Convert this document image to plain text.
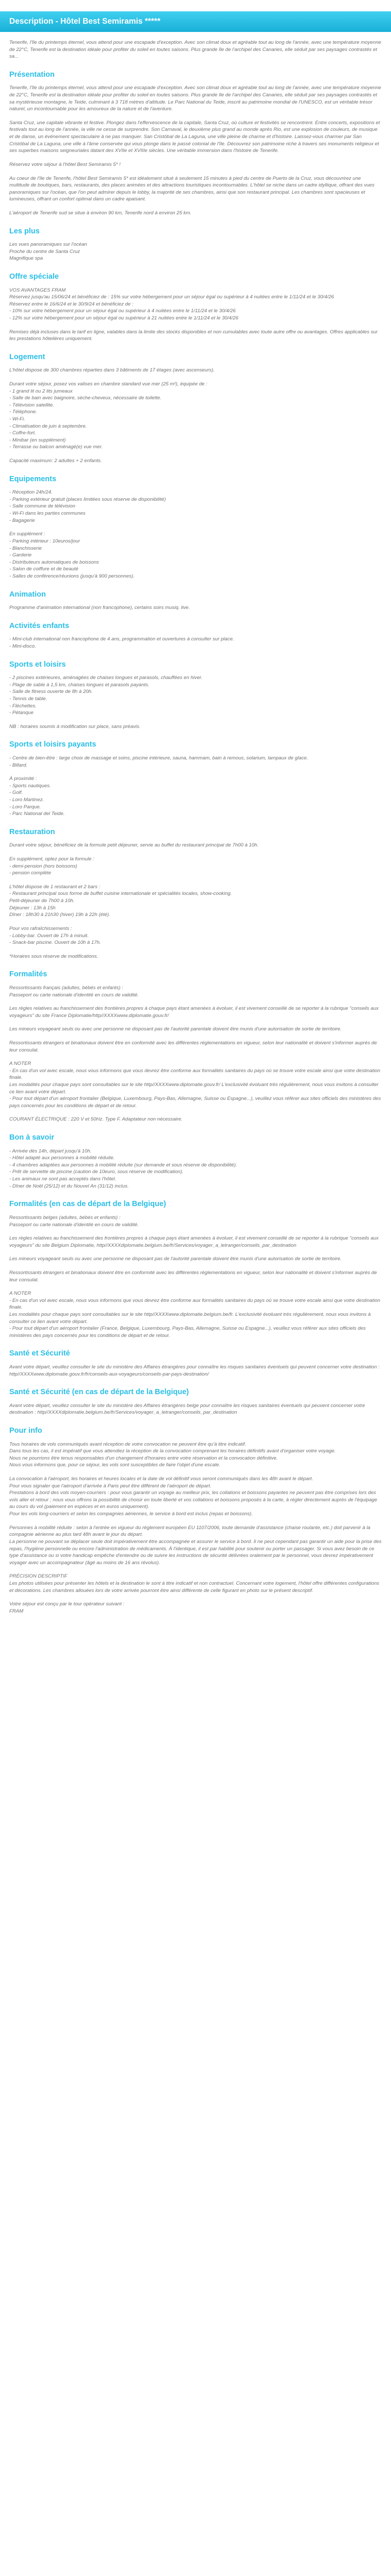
Description - Hôtel Best Semiramis *****

Tenerife, l'île du printemps éternel, vous attend pour une escapade d'exception. Avec son climat doux et agréable tout au long de l'année, avec une température moyenne de 22°C, Tenerife est la destination idéale pour profiter du soleil en toutes saisons. Plus grande île de l'archipel des Canaries, elle séduit par ses paysages contrastés et sa...

Présentation

Tenerife, l'île du printemps éternel, vous attend pour une escapade d'exception. Avec son climat doux et agréable tout au long de l'année, avec une température moyenne de 22°C, Tenerife est la destination idéale pour profiter du soleil en toutes saisons. Plus grande île de l'archipel des Canaries, elle séduit par ses paysages contrastés et sa mystérieuse montagne, le Teide, culminant à 3 718 mètres d'altitude. Le Parc National du Teide, inscrit au patrimoine mondial de l'UNESCO, est un véritable trésor naturel, un incontournable pour les amoureux de la nature et de l'aventure.

Santa Cruz, une capitale vibrante et festive. Plongez dans l'effervescence de la capitale, Santa Cruz, où culture et festivités se rencontrent. Entre concerts, expositions et festivals tout au long de l'année, la ville ne cesse de surprendre. Son Carnaval, le deuxième plus grand au monde après Rio, est une explosion de couleurs, de musique et de danse, un événement spectaculaire à ne pas manquer. San Cristóbal de La Laguna, une ville pleine de charme et d'histoire. Laissez-vous charmer par San Cristóbal de La Laguna, une ville à l'âme conservée qui vous plonge dans le passé colonial de l'île. Découvrez son patrimoine riche à travers ses monuments religieux et ses superbes maisons seigneuriales datant des XVIIe et XVIIIe siècles. Une véritable immersion dans l'histoire de Tenerife.

Réservez votre séjour à l'hôtel Best Semiramis 5* !

Au coeur de l'île de Tenerife, l'hôtel Best Semiramis 5* est idéalement situé à seulement 15 minutes à pied du centre de Puerto de la Cruz, vous découvrirez une multitude de boutiques, bars, restaurants, des places animées et des attractions touristiques incontournables. L'hôtel se niche dans un cadre idyllique, offrant des vues panoramiques sur l'océan, que l'on peut admirer depuis le lobby, la majorité de ses chambres, ainsi que son restaurant principal. Les chambres sont spacieuses et lumineuses, offrant un confort optimal dans un cadre apaisant.

L'aéroport de Tenerife sud se situe à environ 90 km, Tenerife nord à environ 25 km.

Les plus
Les vues panoramiques sur l'océan
Proche du centre de Santa Cruz
Magnifique spa
Offre spéciale
VOS AVANTAGES FRAM
Réservez jusqu'au 15/06/24 et bénéficiez de : 15% sur votre hébergement pour un séjour égal ou supérieur à 4 nuitées entre le 1/11/24 et le 30/4/26
Réservez entre le 16/6/24 et le 30/9/24 et bénéficiez de :
- 10% sur votre hébergement pour un séjour égal ou supérieur à 4 nuitées entre le 1/11/24 et le 30/4/26
- 12% sur votre hébergement pour un séjour égal ou supérieur à 21 nuitées entre le 1/11/24 et le 30/4/26
Remises déjà incluses dans le tarif en ligne, valables dans la limite des stocks disponibles et non cumulables avec toute autre offre ou avantages. Offres applicables sur les prestations hôtelières uniquement.
Logement
L'hôtel dispose de 300 chambres réparties dans 3 bâtiments de 17 étages (avec ascenseurs).
Durant votre séjour, posez vos valises en chambre standard vue mer (25 m²), équipée de :
- 1 grand lit ou 2 lits jumeaux
- Salle de bain avec baignoire, sèche-cheveux, nécessaire de toilette.
- Télévision satellite.
- Téléphone.
- Wi-Fi.
- Climatisation de juin à septembre.
- Coffre-fort.
- Minibar (en supplément)
- Terrasse ou balcon aménagé(e) vue mer.
Capacité maximum: 2 adultes + 2 enfants.
Equipements
- Réception 24h/24.
- Parking extérieur gratuit (places limitées sous réserve de disponibilité)
- Salle commune de télévision
- Wi-Fi dans les parties communes
- Bagagerie
En supplément :
- Parking intérieur : 10euros/jour
- Blanchisserie
- Garderie
- Distributeurs automatiques de boissons
- Salon de coiffure et de beauté
- Salles de conférence/réunions (jusqu'à 900 personnes).
Animation
Programme d'animation international (non francophone), certains soirs musiq. live.
Activités enfants
- Mini-club international non francophone de 4 ans, programmation et ouvertures à consulter sur place.
- Mini-disco.
Sports et loisirs
- 2 piscines extérieures, aménagées de chaises longues et parasols, chauffées en hiver.
- Plage de sable à 1,5 km, chaises longues et parasols payants.
- Salle de fitness ouverte de 8h à 20h.
- Tennis de table.
- Fléchettes.
- Pétanque
NB : horaires soumis à modification sur place, sans préavis.
Sports et loisirs payants
- Centre de bien-être : large choix de massage et soins, piscine intérieure, sauna, hammam, bain à remous, solarium, lampaux de glace.
- Billard.
À proximité :
- Sports nautiques.
- Golf.
- Loro Martinez.
- Loro Parque.
- Parc National del Teide.
Restauration
Durant votre séjour, bénéficiez de la formule petit déjeuner, servie au buffet du restaurant principal de 7h00 à 10h.
En supplément, optez pour la formule :
- demi-pension (hors boissons)
- pension complète
L'hôtel dispose de 1 restaurant et 2 bars :
- Restaurant principal sous forme de buffet cuisine internationale et spécialités locales, show-cooking.
Petit-déjeuner de 7h00 à 10h.
Déjeuner : 13h à 15h
Dîner : 18h30 à 21h30 (hiver) 19h à 22h (été).
Pour vos rafraîchissements :
- Lobby-bar. Ouvert de 17h à minuit.
- Snack-bar piscine. Ouvert de 10h à 17h.
*Horaires sous réserve de modifications.
Formalités
Ressortissants français (adultes, bébés et enfants) :
Passeport ou carte nationale d'identité en cours de validité.
Les règles relatives au franchissement des frontières propres à chaque pays étant amenées à évoluer, il est vivement conseillé de se reporter à la rubrique "conseils aux voyageurs" du site France Diplomatie/http//XXXXwww.diplomatie.gouv.fr/
Les mineurs voyageant seuls ou avec une personne ne disposant pas de l'autorité parentale doivent être munis d'une autorisation de sortie de territoire.
Ressortissants étrangers et binationaux doivent être en conformité avec les différentes réglementations en vigueur, selon leur nationalité et doivent s'informer auprès de leur consulat.
A NOTER
- En cas d'un vol avec escale, nous vous informons que vous devrez être conforme aux formalités sanitaires du pays où se trouve votre escale ainsi que votre destination finale.
Les modalités pour chaque pays sont consultables sur le site http//XXXXwww.diplomatie.gouv.fr/ L'exclusivité évoluant très régulièrement, nous vous invitons à consulter ce lien avant votre départ.
- Pour tout départ d'un aéroport frontalier (Belgique, Luxembourg, Pays-Bas, Allemagne, Suisse ou Espagne...), veuillez vous référer aux sites officiels des ministères des pays concernés pour les conditions de départ et de retour.
COURANT ÉLECTRIQUE : 220 V et 50Hz. Type F. Adaptateur non nécessaire.
Bon à savoir
- Arrivée dès 14h, départ jusqu'à 10h.
- Hôtel adapté aux personnes à mobilité réduite.
- 4 chambres adaptées aux personnes à mobilité réduite (sur demande et sous réserve de disponibilité).
- Prêt de serviette de piscine (caution de 10euro, sous réserve de modification).
- Les animaux ne sont pas acceptés dans l'hôtel.
- Dîner de Noël (25/12) et du Nouvel An (31/12) inclus.
Formalités (en cas de départ de la Belgique)
Ressortissants belges (adultes, bébés et enfants) :
Passeport ou carte nationale d'identité en cours de validité.
Les règles relatives au franchissement des frontières propres à chaque pays étant amenées à évoluer, il est vivement conseillé de se reporter à la rubrique "conseils aux voyageurs" du site Belgium Diplomatie, http//XXXXdiplomatie.belgium.be/fr/Services/voyager_a_letranger/conseils_par_destination
Les mineurs voyageant seuls ou avec une personne ne disposant pas de l'autorité parentale doivent être munis d'une autorisation de sortie de territoire.
Ressortissants étrangers et binationaux doivent être en conformité avec les différentes réglementations en vigueur, selon leur nationalité et doivent s'informer auprès de leur consulat.
A NOTER
- En cas d'un vol avec escale, nous vous informons que vous devrez être conforme aux formalités sanitaires du pays où se trouve votre escale ainsi que votre destination finale.
Les modalités pour chaque pays sont consultables sur le site http//XXXXwww.diplomatie.belgium.be/fr. L'exclusivité évoluant très régulièrement, nous vous invitons à consulter ce lien avant votre départ.
- Pour tout départ d'un aéroport frontalier (France, Belgique, Luxembourg, Pays-Bas, Allemagne, Suisse ou Espagne...), veuillez vous référer aux sites officiels des ministères des pays concernés pour les conditions de départ et de retour.
Santé et Sécurité
Avant votre départ, veuillez consulter le site du ministère des Affaires étrangères pour connaître les risques sanitaires éventuels qui peuvent concerner votre destination : http//XXXXwww.diplomatie.gouv.fr/fr/conseils-aux-voyageurs/conseils-par-pays-destination/
Santé et Sécurité (en cas de départ de la Belgique)
Avant votre départ, veuillez consulter le site du ministère des Affaires étrangères belge pour connaître les risques sanitaires éventuels qui peuvent concerner votre destination : http//XXXXdiplomatie.belgium.be/fr/Services/voyager_a_letranger/conseils_par_destination
Pour info
Tous horaires de vols communiqués avant réception de votre convocation ne peuvent être qu'à titre indicatif.
Dans tous les cas, il est impératif que vous attendiez la réception de la convocation comprenant les horaires définitifs avant d'organiser votre voyage.
Nous ne pourrions être tenus responsables d'un changement d'horaires entre votre réservation et la convocation définitive.
Nous vous informons que, pour ce séjour, les vols sont susceptibles de faire l'objet d'une escale.
La convocation à l'aéroport, les horaires et heures locales et la date de vol définitif vous seront communiqués dans les 48h avant le départ.
Pour vous signaler que l'aéroport d'arrivée à Paris peut être différent de l'aéroport de départ.
Prestations à bord des vols moyen-courriers : pour vous garantir un voyage au meilleur prix, les collations et boissons payantes ne peuvent pas être comprises lors des vols aller et retour ; nous vous offrons la possibilité de choisir en toute liberté et vos collations et boissons proposés à la carte, à régler directement auprès de l'équipage au cours du vol (paiement en espèces et en euros uniquement).
Pour les vols long-courriers et selon les compagnies aériennes, le service à bord est inclus (repas et boissons).
Personnes à mobilité réduite : selon à l'entrée en vigueur du règlement européen EU 1107/2006, toute demande d'assistance (chaise roulante, etc.) doit parvenir à la compagnie aérienne au plus tard 48h avant le jour du départ.
La personne ne pouvant se déplacer seule doit impérativement être accompagnée et assurer le service à bord. Il ne peut cependant pas garantir un aide pour la prise des repas, l'hygiène personnelle ou encore l'administration de médicaments. À l'identique, il est par habilité pour soutenir ou porter un passager. Si vous avez besoin de ce type d'assistance ou si votre handicap empêche d'entendre ou de suivre les instructions de sécurité délivrées oralement par le personnel, vous devrez impérativement voyager avec un accompagnateur (âgé au moins de 16 ans révolus).
PRÉCISION DESCRIPTIF
Les photos utilisées pour présenter les hôtels et la destination le sont à titre indicatif et non contractuel. Concernant votre logement, l'hôtel offre différentes configurations et décorations. Les chambres allouées lors de votre arrivée pourront être ainsi différente de celle figurant en photo sur le présent descriptif.
Votre séjour est conçu par le tour opérateur suivant :
FRAM
